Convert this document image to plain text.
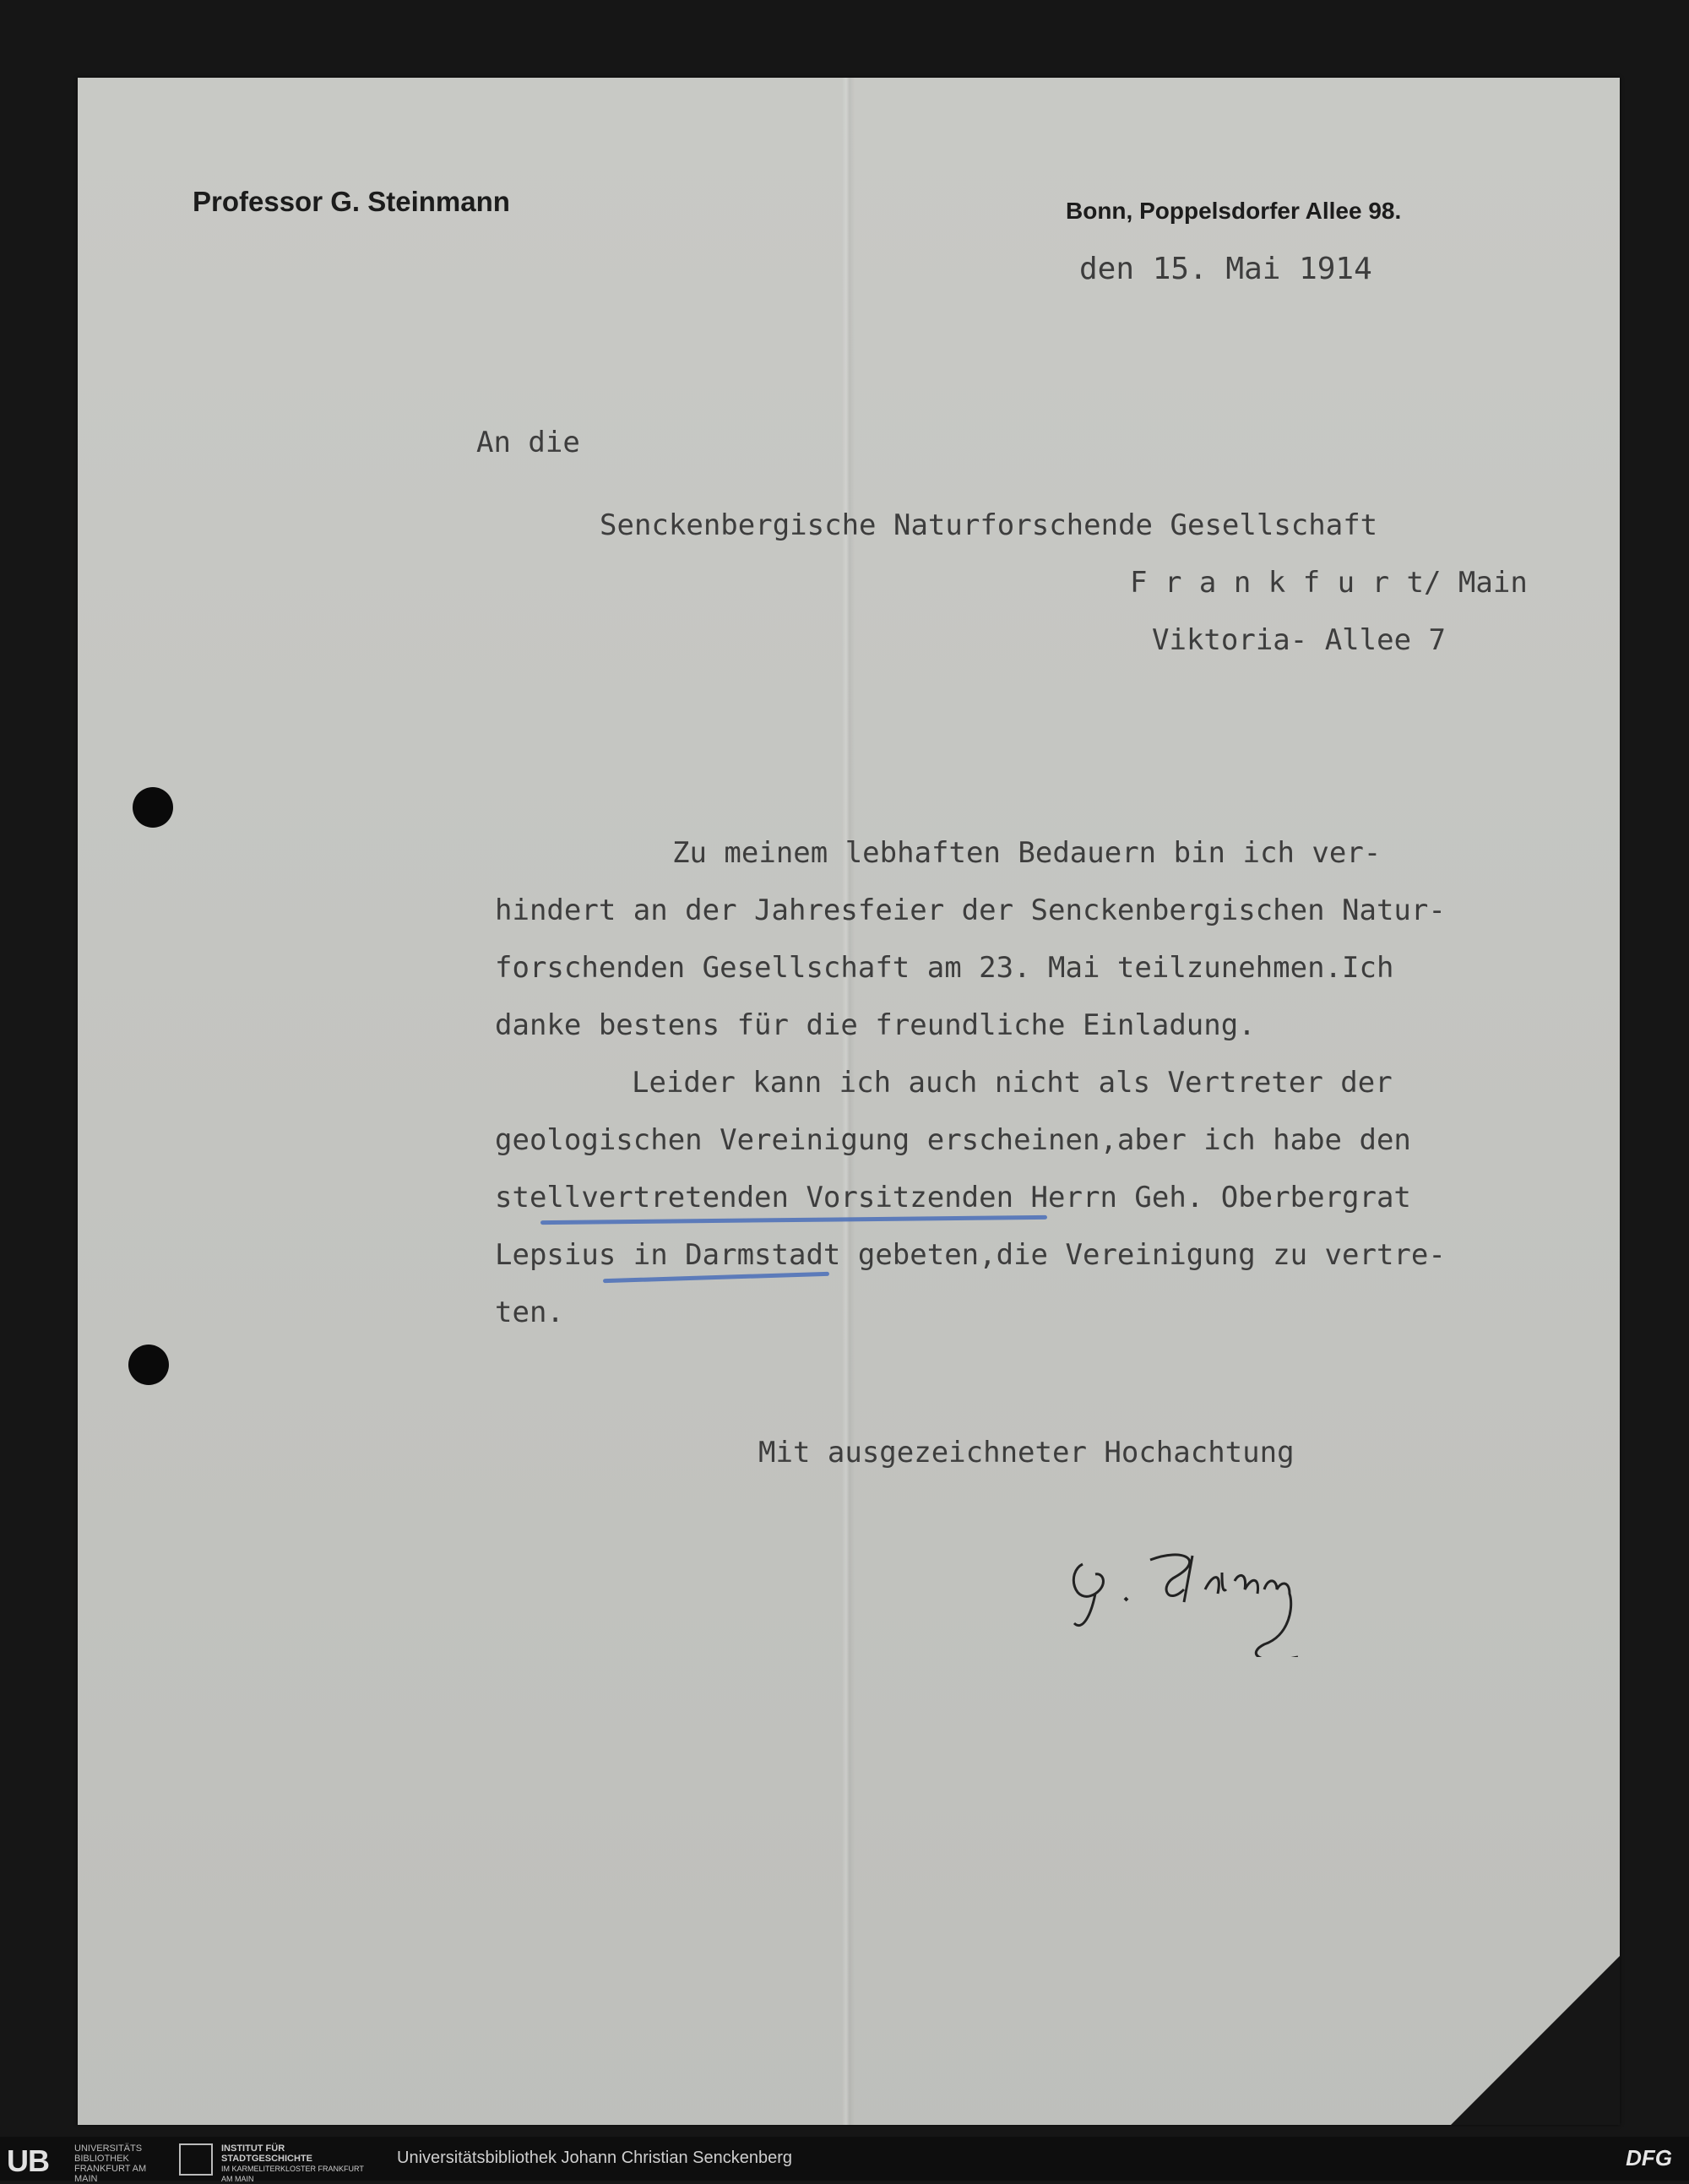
Professor G. Steinmann	Bonn, Poppelsdorfer Allee 98.
den 15. Mai 1914
An die
Senckenbergische Naturforschende Gesellschaft
F r a n k f u r t/ Main
Viktoria- Allee 7
Zu meinem lebhaften Bedauern bin ich ver-
hindert an der Jahresfeier der Senckenbergischen Natur-
forschenden Gesellschaft am 23. Mai teilzunehmen.Ich
danke bestens für die freundliche Einladung.
Leider kann ich auch nicht als Vertreter der
geologischen Vereinigung erscheinen,aber ich habe den
stellvertretenden Vorsitzenden Herrn Geh. Oberbergrat
Lepsius in Darmstadt gebeten,die Vereinigung zu vertre-
ten.
Mit ausgezeichneter Hochachtung
G. Steinmann
UB	UNIVERSITÄTS BIBLIOTHEK FRANKFURT AM MAIN
INSTITUT FÜR STADTGESCHICHTE
IM KARMELITERKLOSTER FRANKFURT AM MAIN
Universitätsbibliothek Johann Christian Senckenberg	DFG
